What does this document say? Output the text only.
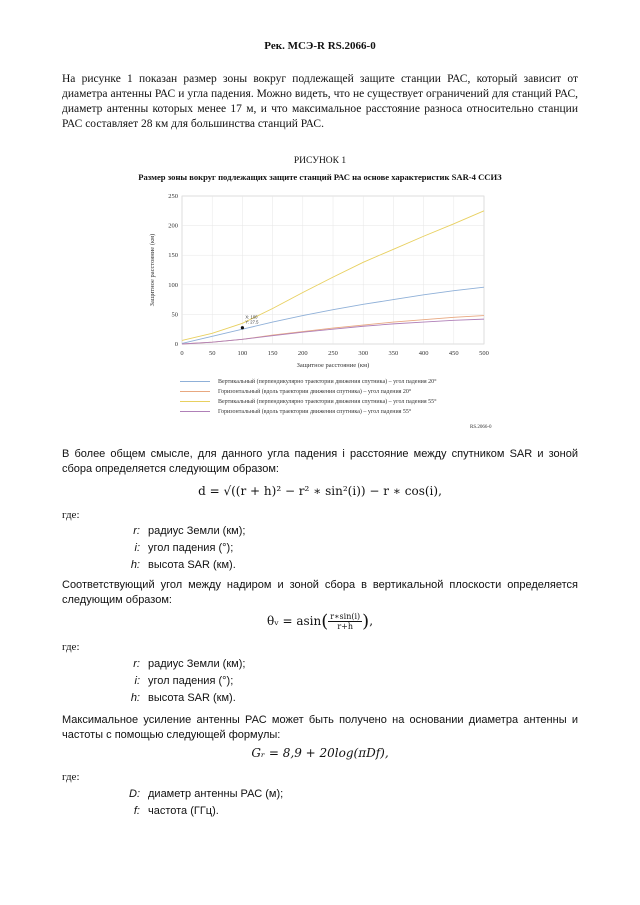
Рек. МСЭ-R RS.2066-0
На рисунке 1 показан размер зоны вокруг подлежащей защите станции РАС, который зависит от диаметра антенны РАС и угла падения. Можно видеть, что не существует ограничений для станций РАС, диаметр антенны которых менее 17 м, и что максимальное расстояние разноса относительно станции РАС составляет 28 км для большинства станций РАС.
РИСУНОК 1
Размер зоны вокруг подлежащих защите станций РАС на основе характеристик SAR-4 ССИЗ
0	50	100	150	200	250	300	350	400	450	500
0
50
100
150
200
250
X: 100
Y: 27.5
Защитное расстояние (км)
Защитное расстояние (км)
Вертикальный (перпендикулярно траектории движения спутника) – угол падения 20°
Горизонтальный (вдоль траектории движения спутника) – угол падения 20°
Вертикальный (перпендикулярно траектории движения спутника) – угол падения 55°
Горизонтальный (вдоль траектории движения спутника) – угол падения 55°
RS.2066-0
В более общем смысле, для данного угла падения i расстояние между спутником SAR и зоной сбора определяется следующим образом:
d = √((r + h)² − r² ∗ sin²(i)) − r ∗ cos(i),
где:
r: радиус Земли (км);
i: угол падения (°);
h: высота SAR (км).
Соответствующий угол между надиром и зоной сбора в вертикальной плоскости определяется следующим образом:
θᵥ = $asin( \frac{r∗\sin(i)}{r+h}$ ),
где:
r: радиус Земли (км);
i: угол падения (°);
h: высота SAR (км).
Максимальное усиление антенны РАС может быть получено на основании диаметра антенны и частоты с помощью следующей формулы:
Gᵣ = 8,9 + 20log(πDf),
где:
D: диаметр антенны РАС (м);
f: частота (ГГц).
